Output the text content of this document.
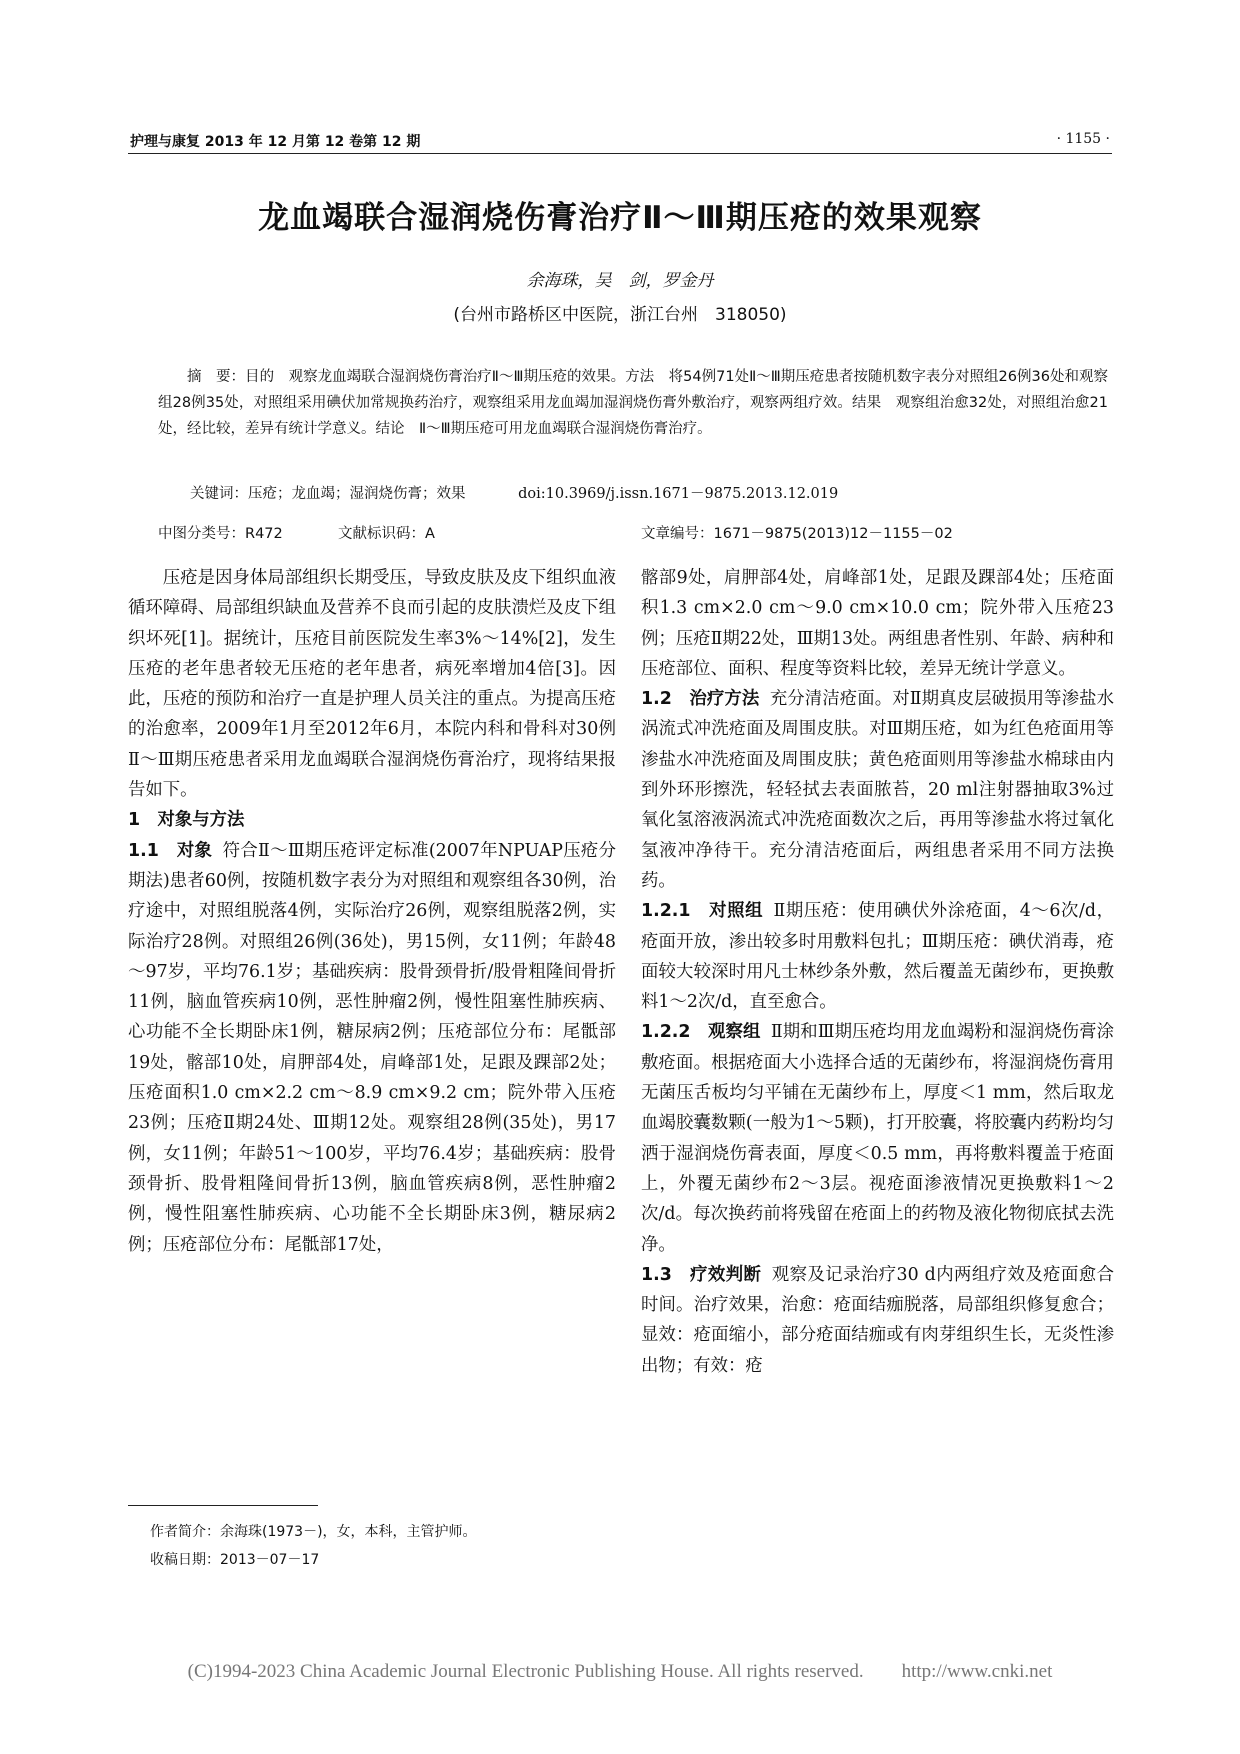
护理与康复 2013 年 12 月第 12 卷第 12 期	· 1155 ·
龙血竭联合湿润烧伤膏治疗Ⅱ～Ⅲ期压疮的效果观察
余海珠，吴　剑，罗金丹
(台州市路桥区中医院，浙江台州　318050)
摘　要：目的　观察龙血竭联合湿润烧伤膏治疗Ⅱ～Ⅲ期压疮的效果。方法　将54例71处Ⅱ～Ⅲ期压疮患者按随机数字表分对照组26例36处和观察组28例35处，对照组采用碘伏加常规换药治疗，观察组采用龙血竭加湿润烧伤膏外敷治疗，观察两组疗效。结果　观察组治愈32处，对照组治愈21处，经比较，差异有统计学意义。结论　Ⅱ～Ⅲ期压疮可用龙血竭联合湿润烧伤膏治疗。
关键词：压疮；龙血竭；湿润烧伤膏；效果	doi:10.3969/j.issn.1671－9875.2013.12.019
中图分类号：R472	文献标识码：A	文章编号：1671－9875(2013)12－1155－02

压疮是因身体局部组织长期受压，导致皮肤及皮下组织血液循环障碍、局部组织缺血及营养不良而引起的皮肤溃烂及皮下组织坏死[1]。据统计，压疮目前医院发生率3%～14%[2]，发生压疮的老年患者较无压疮的老年患者，病死率增加4倍[3]。因此，压疮的预防和治疗一直是护理人员关注的重点。为提高压疮的治愈率，2009年1月至2012年6月，本院内科和骨科对30例Ⅱ～Ⅲ期压疮患者采用龙血竭联合湿润烧伤膏治疗，现将结果报告如下。

1　对象与方法

1.1　对象 符合Ⅱ～Ⅲ期压疮评定标准(2007年NPUAP压疮分期法)患者60例，按随机数字表分为对照组和观察组各30例，治疗途中，对照组脱落4例，实际治疗26例，观察组脱落2例，实际治疗28例。对照组26例(36处)，男15例，女11例；年龄48～97岁，平均76.1岁；基础疾病：股骨颈骨折/股骨粗隆间骨折11例，脑血管疾病10例，恶性肿瘤2例，慢性阻塞性肺疾病、心功能不全长期卧床1例，糖尿病2例；压疮部位分布：尾骶部19处，髂部10处，肩胛部4处，肩峰部1处，足跟及踝部2处；压疮面积1.0 cm×2.2 cm～8.9 cm×9.2 cm；院外带入压疮23例；压疮Ⅱ期24处、Ⅲ期12处。观察组28例(35处)，男17例，女11例；年龄51～100岁，平均76.4岁；基础疾病：股骨颈骨折、股骨粗隆间骨折13例，脑血管疾病8例，恶性肿瘤2例，慢性阻塞性肺疾病、心功能不全长期卧床3例，糖尿病2例；压疮部位分布：尾骶部17处，

髂部9处，肩胛部4处，肩峰部1处，足跟及踝部4处；压疮面积1.3 cm×2.0 cm～9.0 cm×10.0 cm；院外带入压疮23例；压疮Ⅱ期22处，Ⅲ期13处。两组患者性别、年龄、病种和压疮部位、面积、程度等资料比较，差异无统计学意义。

1.2　治疗方法 充分清洁疮面。对Ⅱ期真皮层破损用等渗盐水涡流式冲洗疮面及周围皮肤。对Ⅲ期压疮，如为红色疮面用等渗盐水冲洗疮面及周围皮肤；黄色疮面则用等渗盐水棉球由内到外环形擦洗，轻轻拭去表面脓苔，20 ml注射器抽取3%过氧化氢溶液涡流式冲洗疮面数次之后，再用等渗盐水将过氧化氢液冲净待干。充分清洁疮面后，两组患者采用不同方法换药。

1.2.1　对照组 Ⅱ期压疮：使用碘伏外涂疮面，4～6次/d，疮面开放，渗出较多时用敷料包扎；Ⅲ期压疮：碘伏消毒，疮面较大较深时用凡士林纱条外敷，然后覆盖无菌纱布，更换敷料1～2次/d，直至愈合。

1.2.2　观察组 Ⅱ期和Ⅲ期压疮均用龙血竭粉和湿润烧伤膏涂敷疮面。根据疮面大小选择合适的无菌纱布，将湿润烧伤膏用无菌压舌板均匀平铺在无菌纱布上，厚度＜1 mm，然后取龙血竭胶囊数颗(一般为1～5颗)，打开胶囊，将胶囊内药粉均匀洒于湿润烧伤膏表面，厚度＜0.5 mm，再将敷料覆盖于疮面上，外覆无菌纱布2～3层。视疮面渗液情况更换敷料1～2次/d。每次换药前将残留在疮面上的药物及液化物彻底拭去洗净。

1.3　疗效判断 观察及记录治疗30 d内两组疗效及疮面愈合时间。治疗效果，治愈：疮面结痂脱落，局部组织修复愈合；显效：疮面缩小，部分疮面结痂或有肉芽组织生长，无炎性渗出物；有效：疮

作者简介：余海珠(1973－)，女，本科，主管护师。
收稿日期：2013－07－17
(C)1994-2023 China Academic Journal Electronic Publishing House. All rights reserved.　　http://www.cnki.net
